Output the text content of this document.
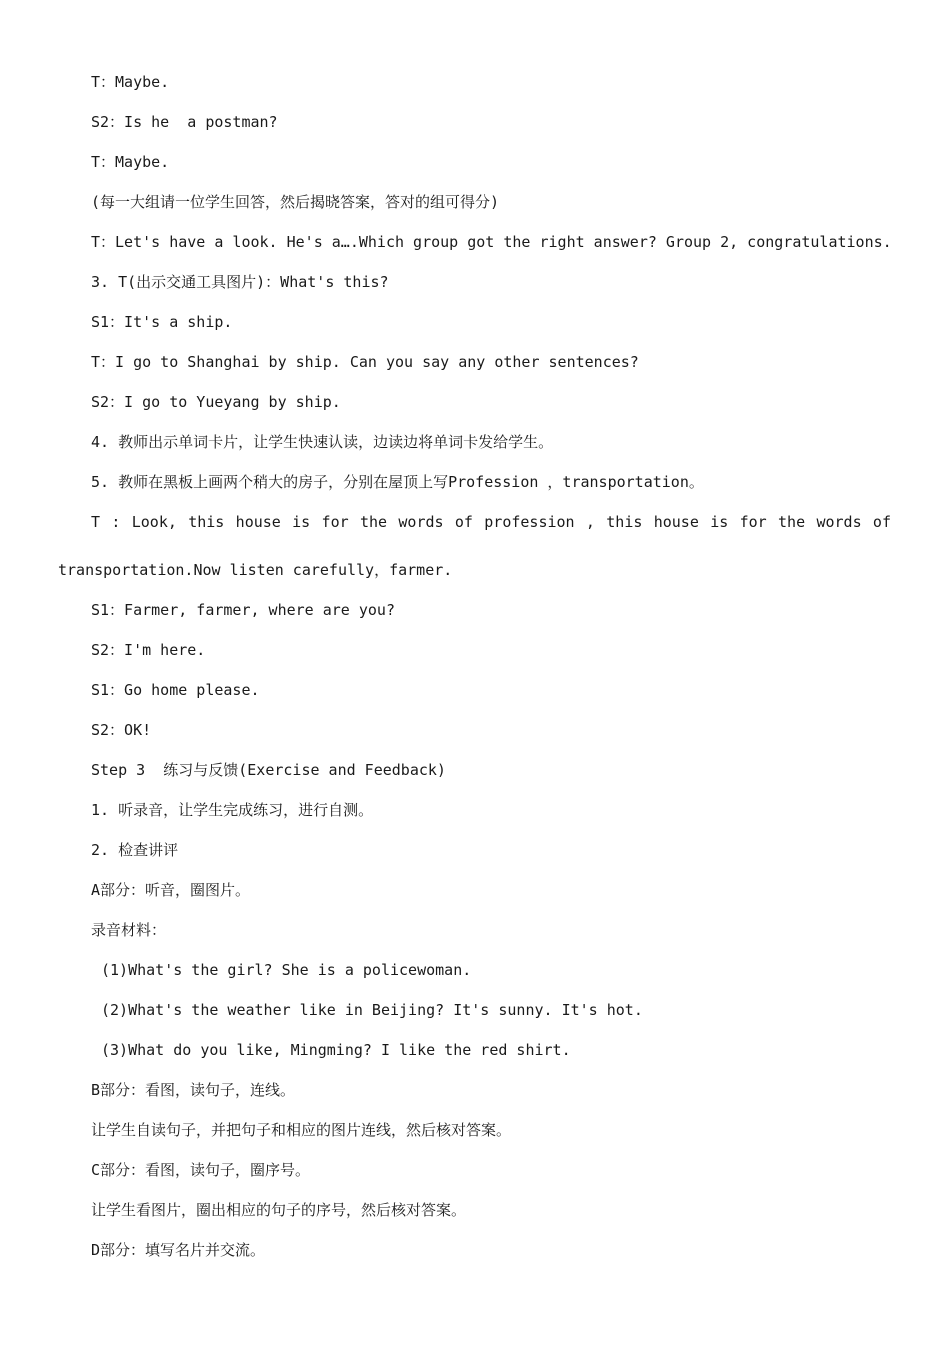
T：Maybe.
S2：Is he  a postman?
T：Maybe.
(每一大组请一位学生回答，然后揭晓答案，答对的组可得分)
T：Let's have a look. He's a….Which group got the right answer? Group 2, congratulations.
3. T(出示交通工具图片)：What's this?
S1：It's a ship.
T：I go to Shanghai by ship. Can you say any other sentences?
S2：I go to Yueyang by ship.
4. 教师出示单词卡片，让学生快速认读，边读边将单词卡发给学生。
5. 教师在黑板上画两个稍大的房子，分别在屋顶上写Profession ，transportation。
T : Look, this house is for the words of profession , this house is for the words of
transportation.Now listen carefully，farmer.
S1：Farmer, farmer, where are you?
S2：I'm here.
S1：Go home please.
S2：OK!
Step 3  练习与反馈(Exercise and Feedback)
1. 听录音，让学生完成练习，进行自测。
2. 检查讲评
A部分：听音，圈图片。
录音材料：
(1)What's the girl? She is a policewoman.
(2)What's the weather like in Beijing? It's sunny. It's hot.
(3)What do you like, Mingming? I like the red shirt.
B部分：看图，读句子，连线。
让学生自读句子，并把句子和相应的图片连线，然后核对答案。
C部分：看图，读句子，圈序号。
让学生看图片，圈出相应的句子的序号，然后核对答案。
D部分：填写名片并交流。
